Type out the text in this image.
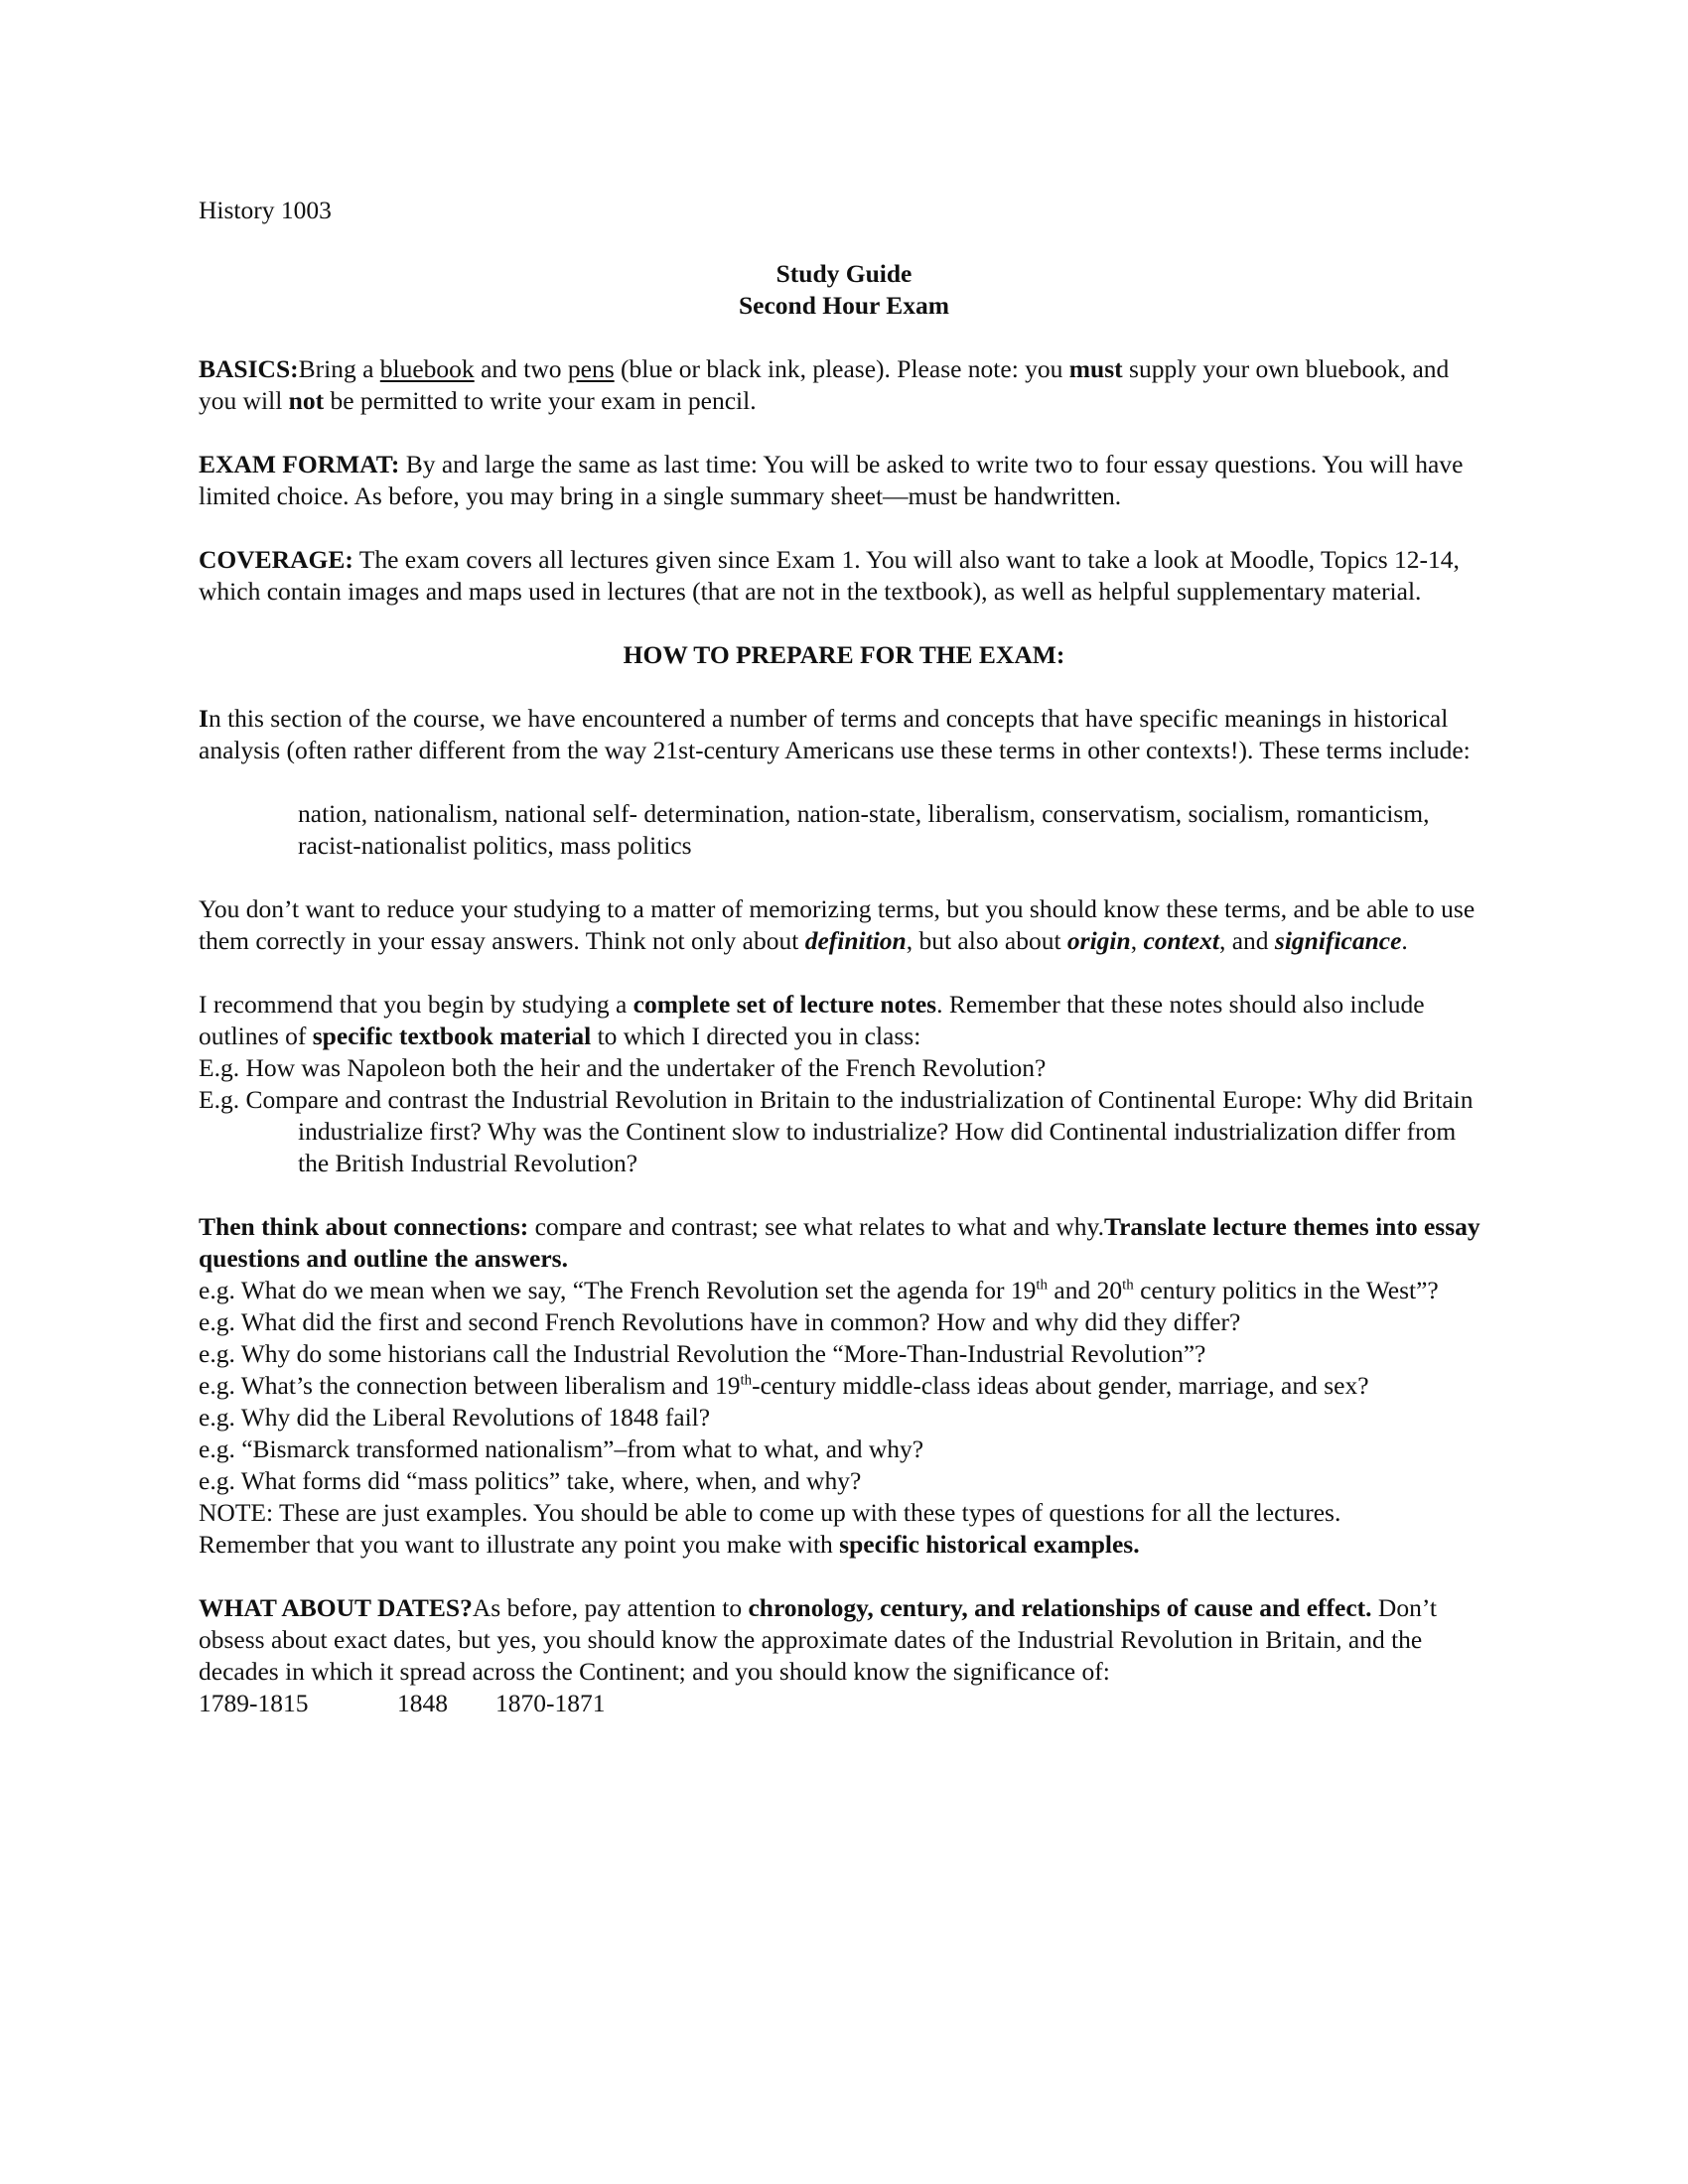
History 1003

Study Guide
Second Hour Exam

BASICS:Bring a bluebook and two pens (blue or black ink, please). Please note: you must supply your own bluebook, and you will not be permitted to write your exam in pencil.

EXAM FORMAT: By and large the same as last time: You will be asked to write two to four essay questions. You will have limited choice. As before, you may bring in a single summary sheet—must be handwritten.

COVERAGE: The exam covers all lectures given since Exam 1. You will also want to take a look at Moodle, Topics 12-14, which contain images and maps used in lectures (that are not in the textbook), as well as helpful supplementary material.

HOW TO PREPARE FOR THE EXAM:

In this section of the course, we have encountered a number of terms and concepts that have specific meanings in historical analysis (often rather different from the way 21st-century Americans use these terms in other contexts!). These terms include:

nation, nationalism, national self- determination, nation-state, liberalism, conservatism, socialism, romanticism, racist-nationalist politics, mass politics

You don’t want to reduce your studying to a matter of memorizing terms, but you should know these terms, and be able to use them correctly in your essay answers. Think not only about definition, but also about origin, context, and significance.

I recommend that you begin by studying a complete set of lecture notes. Remember that these notes should also include outlines of specific textbook material to which I directed you in class:

E.g. How was Napoleon both the heir and the undertaker of the French Revolution?

E.g. Compare and contrast the Industrial Revolution in Britain to the industrialization of Continental Europe: Why did Britain industrialize first? Why was the Continent slow to industrialize? How did Continental industrialization differ from the British Industrial Revolution?

Then think about connections: compare and contrast; see what relates to what and why.Translate lecture themes into essay questions and outline the answers.

e.g. What do we mean when we say, “The French Revolution set the agenda for 19th and 20th century politics in the West”?

e.g. What did the first and second French Revolutions have in common? How and why did they differ?

e.g. Why do some historians call the Industrial Revolution the “More-Than-Industrial Revolution”?

e.g. What’s the connection between liberalism and 19th-century middle-class ideas about gender, marriage, and sex?

e.g. Why did the Liberal Revolutions of 1848 fail?

e.g. “Bismarck transformed nationalism”–from what to what, and why?

e.g. What forms did “mass politics” take, where, when, and why?

NOTE: These are just examples. You should be able to come up with these types of questions for all the lectures.

Remember that you want to illustrate any point you make with specific historical examples.

WHAT ABOUT DATES?As before, pay attention to chronology, century, and relationships of cause and effect. Don’t obsess about exact dates, but yes, you should know the approximate dates of the Industrial Revolution in Britain, and the decades in which it spread across the Continent; and you should know the significance of:

1789-1815	1848 1870-1871
